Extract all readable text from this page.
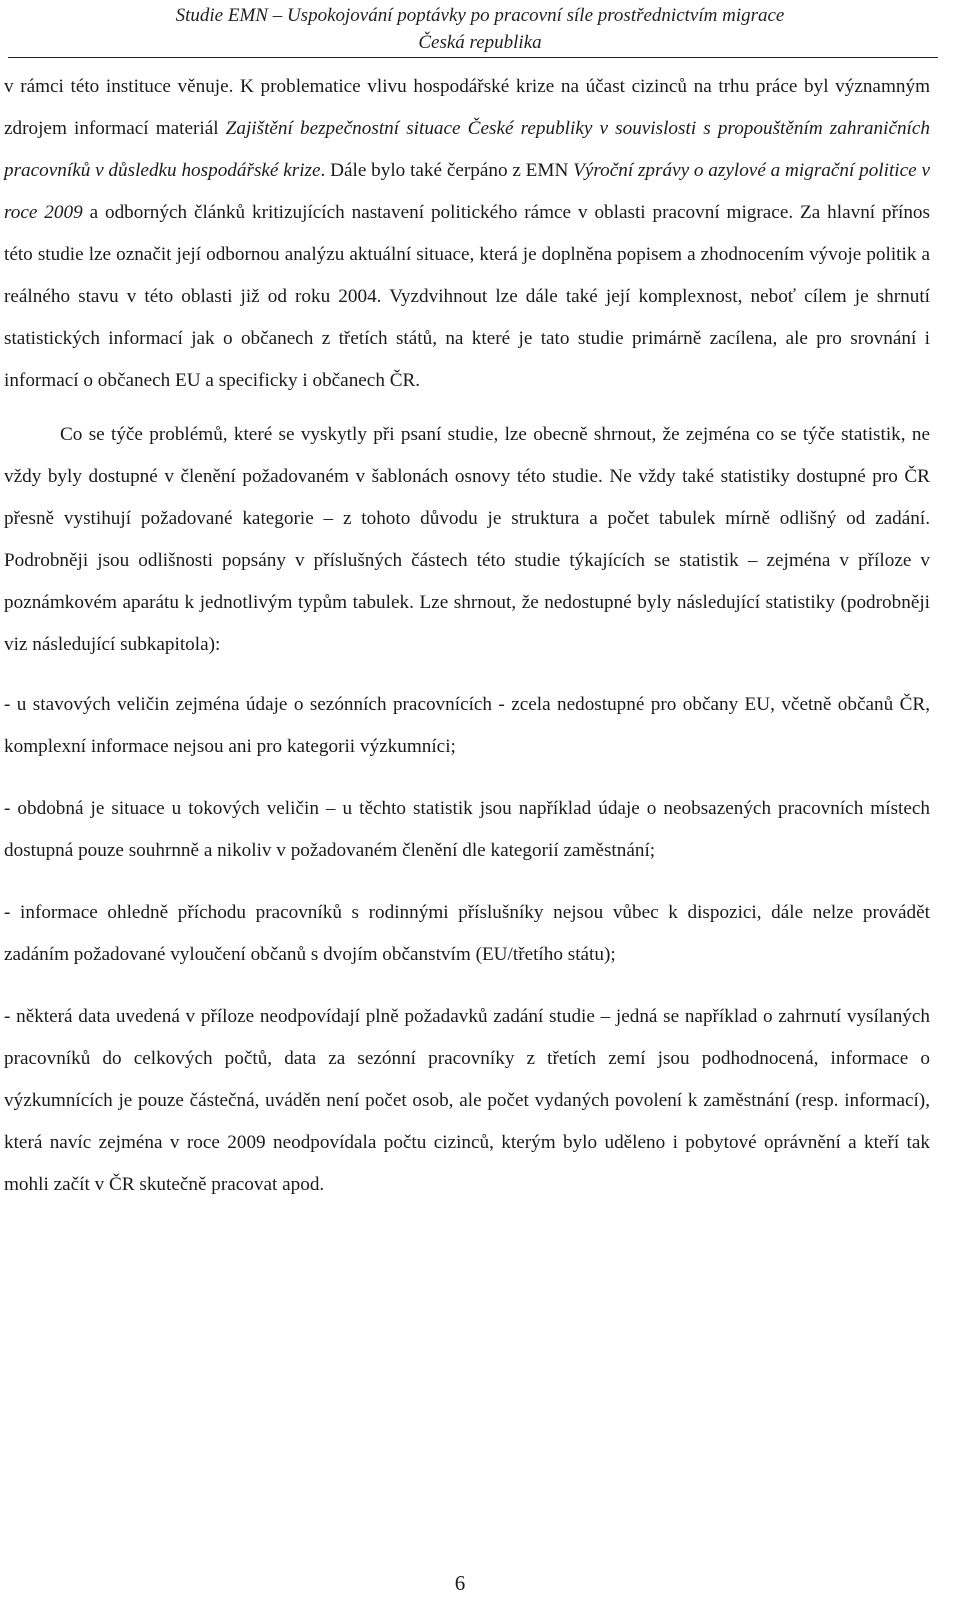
Studie EMN – Uspokojování poptávky po pracovní síle prostřednictvím migrace
Česká republika

v rámci této instituce věnuje. K problematice vlivu hospodářské krize na účast cizinců na trhu práce byl významným zdrojem informací materiál Zajištění bezpečnostní situace České republiky v souvislosti s propouštěním zahraničních pracovníků v důsledku hospodářské krize. Dále bylo také čerpáno z EMN Výroční zprávy o azylové a migrační politice v roce 2009 a odborných článků kritizujících nastavení politického rámce v oblasti pracovní migrace. Za hlavní přínos této studie lze označit její odbornou analýzu aktuální situace, která je doplněna popisem a zhodnocením vývoje politik a reálného stavu v této oblasti již od roku 2004. Vyzdvihnout lze dále také její komplexnost, neboť cílem je shrnutí statistických informací jak o občanech z třetích států, na které je tato studie primárně zacílena, ale pro srovnání i informací o občanech EU a specificky i občanech ČR.

Co se týče problémů, které se vyskytly při psaní studie, lze obecně shrnout, že zejména co se týče statistik, ne vždy byly dostupné v členění požadovaném v šablonách osnovy této studie. Ne vždy také statistiky dostupné pro ČR přesně vystihují požadované kategorie – z tohoto důvodu je struktura a počet tabulek mírně odlišný od zadání. Podrobněji jsou odlišnosti popsány v příslušných částech této studie týkajících se statistik – zejména v příloze v poznámkovém aparátu k jednotlivým typům tabulek. Lze shrnout, že nedostupné byly následující statistiky (podrobněji viz následující subkapitola):

- u stavových veličin zejména údaje o sezónních pracovnících - zcela nedostupné pro občany EU, včetně občanů ČR, komplexní informace nejsou ani pro kategorii výzkumníci;

- obdobná je situace u tokových veličin – u těchto statistik jsou například údaje o neobsazených pracovních místech dostupná pouze souhrnně a nikoliv v požadovaném členění dle kategorií zaměstnání;

- informace ohledně příchodu pracovníků s rodinnými příslušníky nejsou vůbec k dispozici, dále nelze provádět zadáním požadované vyloučení občanů s dvojím občanstvím (EU/třetího státu);

- některá data uvedená v příloze neodpovídají plně požadavků zadání studie – jedná se například o zahrnutí vysílaných pracovníků do celkových počtů, data za sezónní pracovníky z třetích zemí jsou podhodnocená, informace o výzkumnících je pouze částečná, uváděn není počet osob, ale počet vydaných povolení k zaměstnání (resp. informací), která navíc zejména v roce 2009 neodpovídala počtu cizinců, kterým bylo uděleno i pobytové oprávnění a kteří tak mohli začít v ČR skutečně pracovat apod.

6
